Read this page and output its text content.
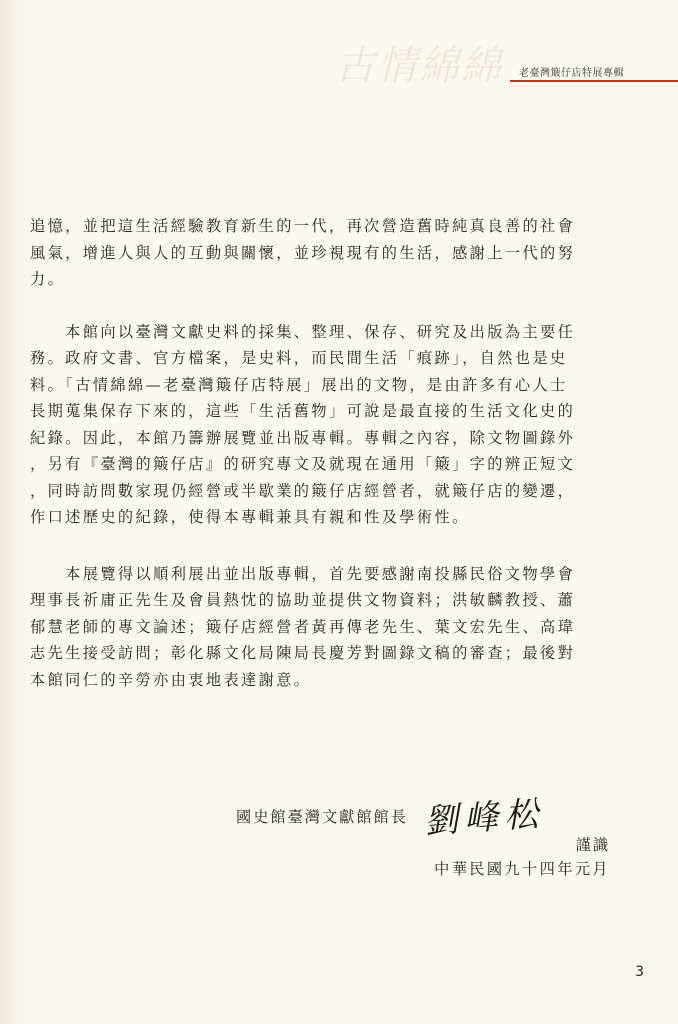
古情綿綿 老臺灣簸仔店特展專輯

追憶，並把這生活經驗教育新生的一代，再次營造舊時純真良善的社會
風氣，增進人與人的互動與關懷，並珍視現有的生活，感謝上一代的努
力。

　　本館向以臺灣文獻史料的採集、整理、保存、研究及出版為主要任
務。政府文書、官方檔案，是史料，而民間生活「痕跡」，自然也是史
料。「古情綿綿—老臺灣簸仔店特展」展出的文物，是由許多有心人士
長期蒐集保存下來的，這些「生活舊物」可說是最直接的生活文化史的
紀錄。因此，本館乃籌辦展覽並出版專輯。專輯之內容，除文物圖錄外
，另有『臺灣的簸仔店』的研究專文及就現在通用「簸」字的辨正短文
，同時訪問數家現仍經營或半歇業的簸仔店經營者，就簸仔店的變遷，
作口述歷史的紀錄，使得本專輯兼具有親和性及學術性。

　　本展覽得以順利展出並出版專輯，首先要感謝南投縣民俗文物學會
理事長祈庸正先生及會員熱忱的協助並提供文物資料；洪敏麟教授、蕭
郁慧老師的專文論述；簸仔店經營者黃再傳老先生、葉文宏先生、高瑋
志先生接受訪問；彰化縣文化局陳局長慶芳對圖錄文稿的審查；最後對
本館同仁的辛勞亦由衷地表達謝意。

國史館臺灣文獻館館長 劉峰松
謹識
中華民國九十四年元月
3
